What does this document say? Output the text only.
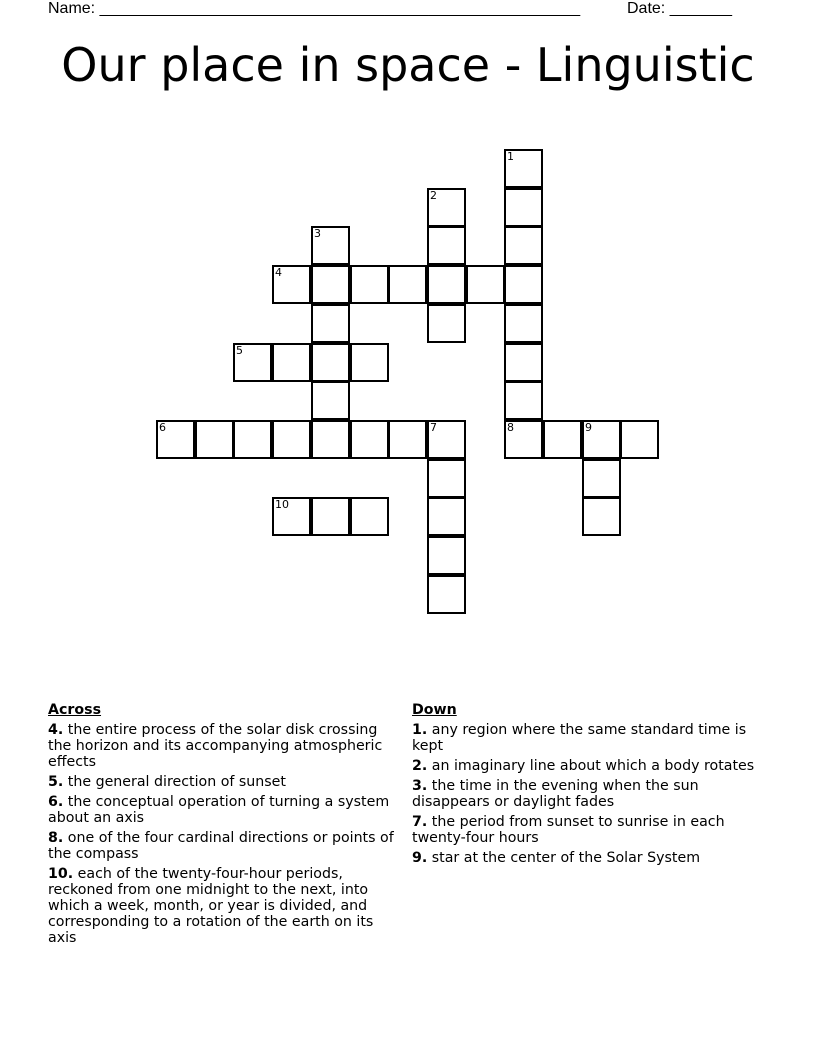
Name: ______________________________________________________	Date: _______
Our place in space - Linguistic
1
2
3
4
5
6	7	8	9
10
Across
4. the entire process of the solar disk crossing the horizon and its accompanying atmospheric effects
5. the general direction of sunset
6. the conceptual operation of turning a system about an axis
8. one of the four cardinal directions or points of the compass
10. each of the twenty-four-hour periods, reckoned from one midnight to the next, into which a week, month, or year is divided, and corresponding to a rotation of the earth on its axis
Down
1. any region where the same standard time is kept
2. an imaginary line about which a body rotates
3. the time in the evening when the sun disappears or daylight fades
7. the period from sunset to sunrise in each twenty-four hours
9. star at the center of the Solar System
